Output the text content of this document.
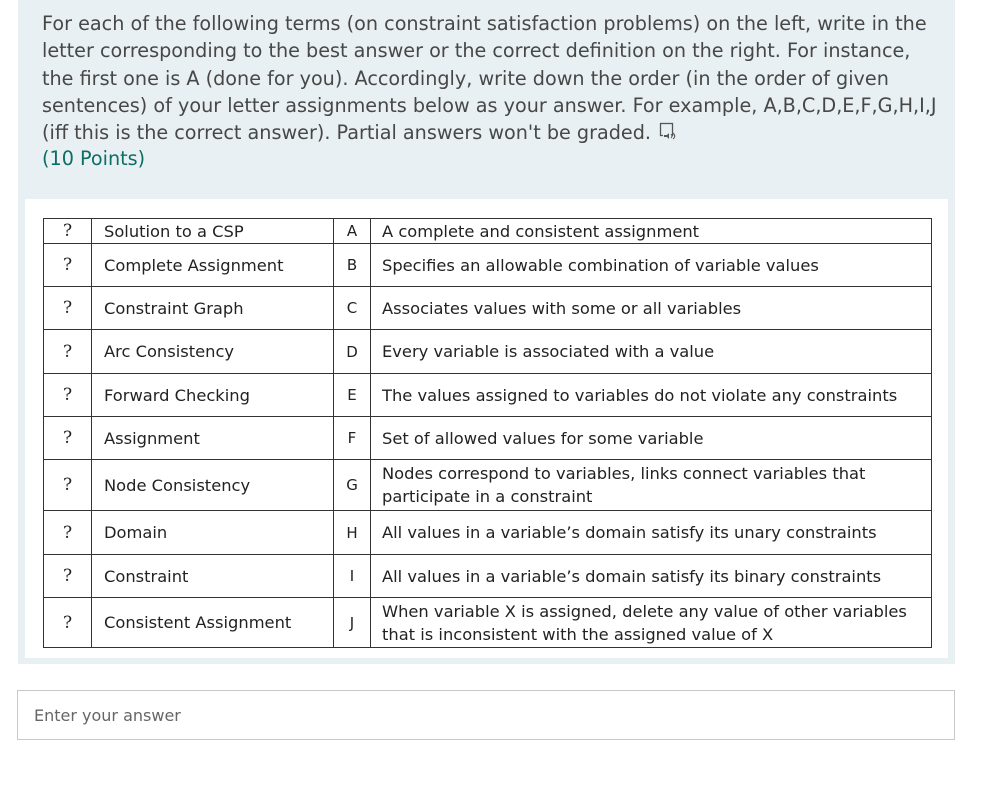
For each of the following terms (on constraint satisfaction problems) on the left, write in the letter corresponding to the best answer or the correct definition on the right. For instance, the first one is A (done for you). Accordingly, write down the order (in the order of given sentences) of your letter assignments below as your answer. For example, A,B,C,D,E,F,G,H,I,J (iff this is the correct answer). Partial answers won't be graded.
(10 Points)
?	Solution to a CSP	A	A complete and consistent assignment
?	Complete Assignment	B	Specifies an allowable combination of variable values
?	Constraint Graph	C	Associates values with some or all variables
?	Arc Consistency	D	Every variable is associated with a value
?	Forward Checking	E	The values assigned to variables do not violate any constraints
?	Assignment	F	Set of allowed values for some variable
?	Node Consistency	G	Nodes correspond to variables, links connect variables that participate in a constraint
?	Domain	H	All values in a variable’s domain satisfy its unary constraints
?	Constraint	I	All values in a variable’s domain satisfy its binary constraints
?	Consistent Assignment	J	When variable X is assigned, delete any value of other variables that is inconsistent with the assigned value of X
Enter your answer
